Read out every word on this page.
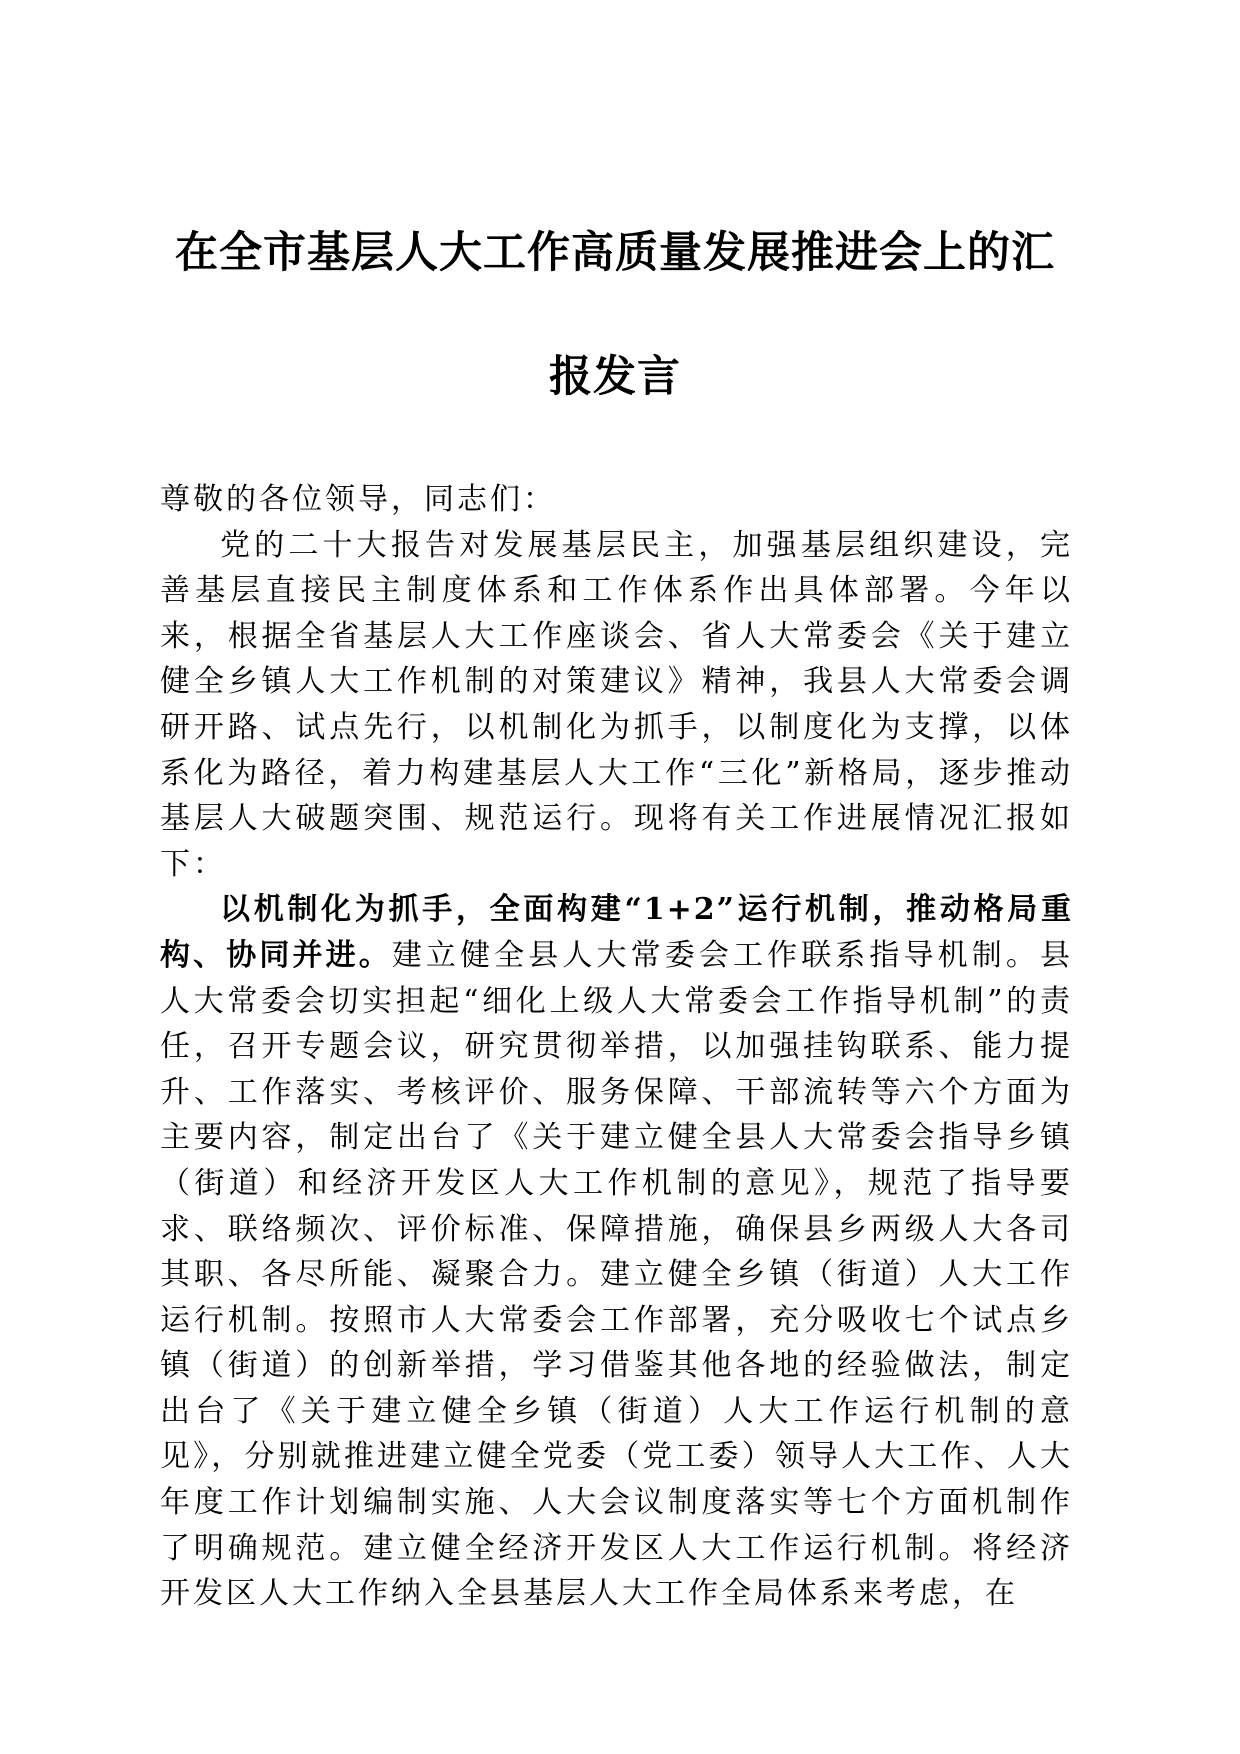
在全市基层人大工作高质量发展推进会上的汇
报发言

尊敬的各位领导，同志们：

党的二十大报告对发展基层民主，加强基层组织建设，完善基层直接民主制度体系和工作体系作出具体部署。今年以来，根据全省基层人大工作座谈会、省人大常委会《关于建立健全乡镇人大工作机制的对策建议》精神，我县人大常委会调研开路、试点先行，以机制化为抓手，以制度化为支撑，以体系化为路径，着力构建基层人大工作“三化”新格局，逐步推动基层人大破题突围、规范运行。现将有关工作进展情况汇报如下：

以机制化为抓手，全面构建“1+2”运行机制，推动格局重构、协同并进。建立健全县人大常委会工作联系指导机制。县人大常委会切实担起“细化上级人大常委会工作指导机制”的责任，召开专题会议，研究贯彻举措，以加强挂钩联系、能力提升、工作落实、考核评价、服务保障、干部流转等六个方面为主要内容，制定出台了《关于建立健全县人大常委会指导乡镇（街道）和经济开发区人大工作机制的意见》，规范了指导要求、联络频次、评价标准、保障措施，确保县乡两级人大各司其职、各尽所能、凝聚合力。建立健全乡镇（街道）人大工作运行机制。按照市人大常委会工作部署，充分吸收七个试点乡镇（街道）的创新举措，学习借鉴其他各地的经验做法，制定出台了《关于建立健全乡镇（街道）人大工作运行机制的意见》，分别就推进建立健全党委（党工委）领导人大工作、人大年度工作计划编制实施、人大会议制度落实等七个方面机制作了明确规范。建立健全经济开发区人大工作运行机制。将经济开发区人大工作纳入全县基层人大工作全局体系来考虑，在
